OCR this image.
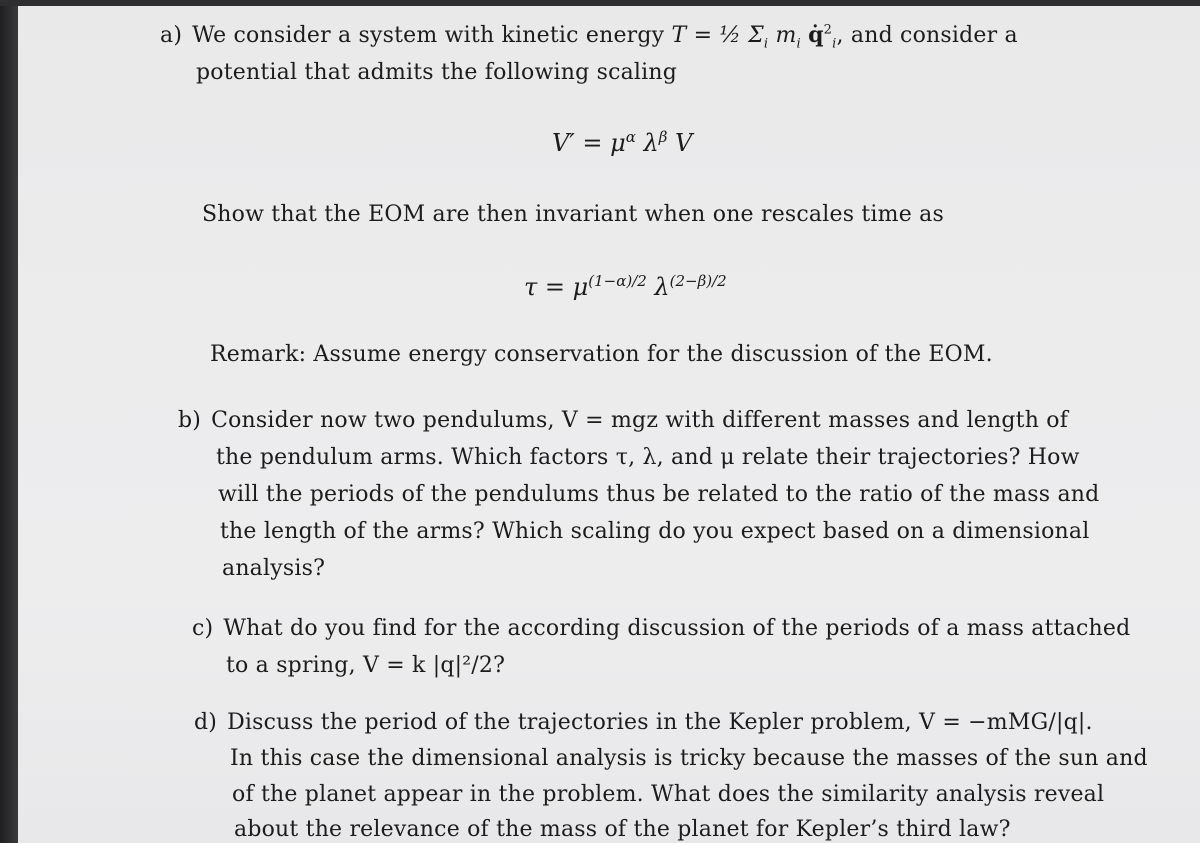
a) We consider a system with kinetic energy T = ½ $\Sigma_i$ $m_i$ q̇$^2_i$, and consider a
potential that admits the following scaling
$V' = \mu^\alpha$ $\lambda^\beta$ V
Show that the EOM are then invariant when one rescales time as
$\tau = \mu^{(1-\alpha)/2}$ $\lambda^{(2-\beta)/2}$
Remark: Assume energy conservation for the discussion of the EOM.
b) Consider now two pendulums, V = mgz with different masses and length of
the pendulum arms. Which factors τ, λ, and μ relate their trajectories? How
will the periods of the pendulums thus be related to the ratio of the mass and
the length of the arms? Which scaling do you expect based on a dimensional
analysis?
c) What do you find for the according discussion of the periods of a mass attached
to a spring, V = k |q|²/2?
d) Discuss the period of the trajectories in the Kepler problem, V = −mMG/|q|.
In this case the dimensional analysis is tricky because the masses of the sun and
of the planet appear in the problem. What does the similarity analysis reveal
about the relevance of the mass of the planet for Kepler’s third law?
